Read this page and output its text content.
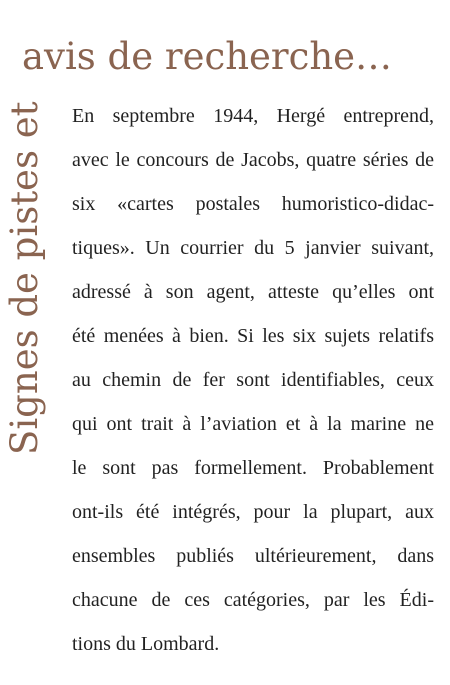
Signes de pistes et
avis de recherche…
En septembre 1944, Hergé entreprend,
avec le concours de Jacobs, quatre séries de
six «cartes postales humoristico-didac-
tiques». Un courrier du 5 janvier suivant,
adressé à son agent, atteste qu’elles ont
été menées à bien. Si les six sujets relatifs
au chemin de fer sont identifiables, ceux
qui ont trait à l’aviation et à la marine ne
le sont pas formellement. Probablement
ont-ils été intégrés, pour la plupart, aux
ensembles publiés ultérieurement, dans
chacune de ces catégories, par les Édi-
tions du Lombard.
